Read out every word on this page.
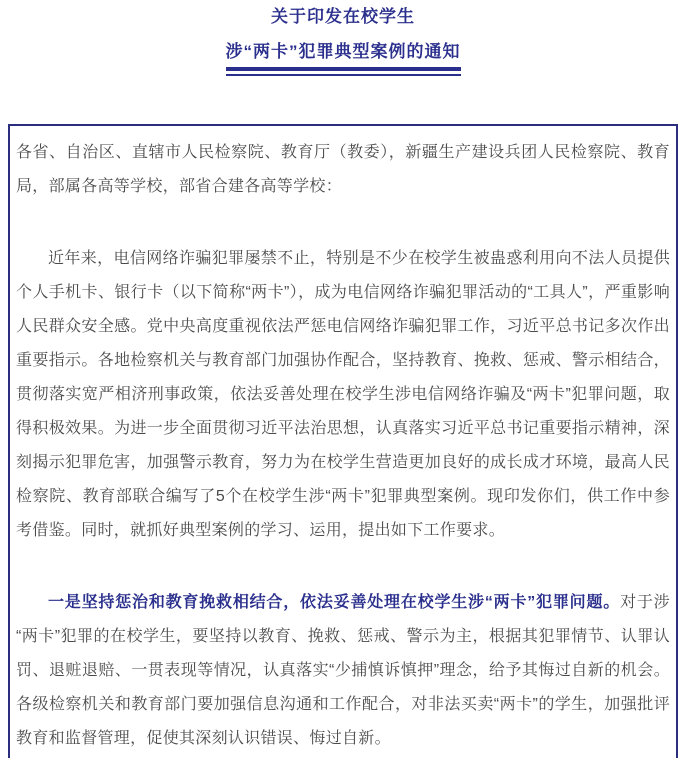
关于印发在校学生
涉“两卡”犯罪典型案例的通知

各省、自治区、直辖市人民检察院、教育厅（教委），新疆生产建设兵团人民检察院、教育局，部属各高等学校，部省合建各高等学校：

近年来，电信网络诈骗犯罪屡禁不止，特别是不少在校学生被蛊惑利用向不法人员提供个人手机卡、银行卡（以下简称“两卡”），成为电信网络诈骗犯罪活动的“工具人”，严重影响人民群众安全感。党中央高度重视依法严惩电信网络诈骗犯罪工作，习近平总书记多次作出重要指示。各地检察机关与教育部门加强协作配合，坚持教育、挽救、惩戒、警示相结合，贯彻落实宽严相济刑事政策，依法妥善处理在校学生涉电信网络诈骗及“两卡”犯罪问题，取得积极效果。为进一步全面贯彻习近平法治思想，认真落实习近平总书记重要指示精神，深刻揭示犯罪危害，加强警示教育，努力为在校学生营造更加良好的成长成才环境，最高人民检察院、教育部联合编写了5个在校学生涉“两卡”犯罪典型案例。现印发你们，供工作中参考借鉴。同时，就抓好典型案例的学习、运用，提出如下工作要求。

一是坚持惩治和教育挽救相结合，依法妥善处理在校学生涉“两卡”犯罪问题。对于涉“两卡”犯罪的在校学生，要坚持以教育、挽救、惩戒、警示为主，根据其犯罪情节、认罪认罚、退赃退赔、一贯表现等情况，认真落实“少捕慎诉慎押”理念，给予其悔过自新的机会。各级检察机关和教育部门要加强信息沟通和工作配合，对非法买卖“两卡”的学生，加强批评教育和监督管理，促使其深刻认识错误、悔过自新。
